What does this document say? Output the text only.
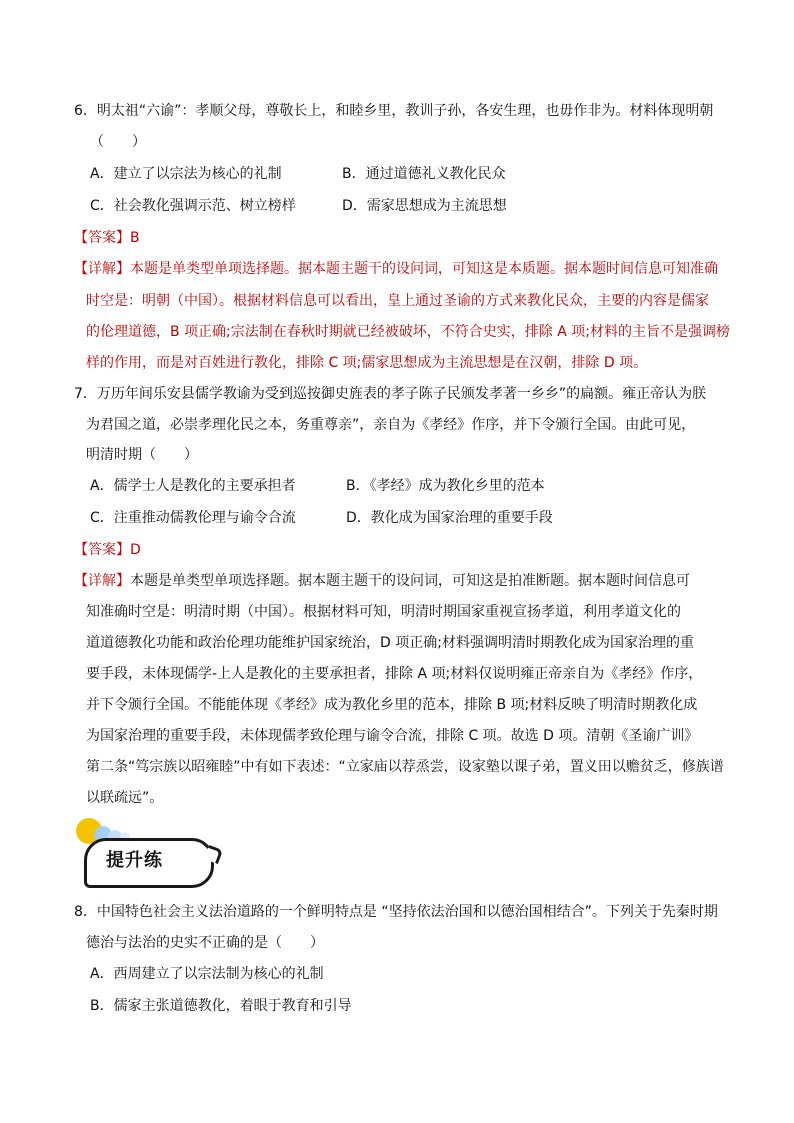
6．明太祖“六谕”：孝顺父母，尊敬长上，和睦乡里，教训子孙，各安生理，也毋作非为。材料体现明朝
（　　）
A．建立了以宗法为核心的礼制	B．通过道德礼义教化民众
C．社会教化强调示范、树立榜样	D．需家思想成为主流思想
【答案】B
【详解】本题是单类型单项选择题。据本题主题干的设问词，可知这是本质题。据本题时间信息可知准确
时空是：明朝（中国）。根据材料信息可以看出，皇上通过圣谕的方式来教化民众，主要的内容是儒家
的伦理道德，B 项正确;宗法制在春秋时期就已经被破坏，不符合史实，排除 A 项;材料的主旨不是强调榜
样的作用，而是对百姓进行教化，排除 C 项;儒家思想成为主流思想是在汉朝，排除 D 项。
7．万历年间乐安县儒学教谕为受到巡按御史旌表的孝子陈子民颁发孝著一乡乡”的扁额。雍正帝认为朕
为君国之道，必崇孝理化民之本，务重尊亲”，亲自为《孝经》作序，并下令颁行全国。由此可见，
明清时期（　　）
A．儒学士人是教化的主要承担者	B．《孝经》成为教化乡里的范本
C．注重推动儒教伦理与谕令合流	D．教化成为国家治理的重要手段
【答案】D
【详解】本题是单类型单项选择题。据本题主题干的设问词，可知这是拍准断题。据本题时间信息可
知准确时空是：明清时期（中国）。根据材料可知，明清时期国家重视宣扬孝道，利用孝道文化的
道道德教化功能和政治伦理功能维护国家统治，D 项正确;材料强调明清时期教化成为国家治理的重
要手段，未体现儒学-上人是教化的主要承担者，排除 A 项;材料仅说明雍正帝亲自为《孝经》作序，
并下令颁行全国。不能能体现《孝经》成为教化乡里的范本，排除 B 项;材料反映了明清时期教化成
为国家治理的重要手段，未体现儒孝致伦理与谕令合流，排除 C 项。故选 D 项。清朝《圣谕广训》
第二条“笃宗族以昭雍睦”中有如下表述：“立家庙以荐烝尝，设家塾以课子弟，置义田以赡贫乏，修族谱
以联疏远”。
提升练
8．中国特色社会主义法治道路的一个鲜明特点是 “坚持依法治国和以德治国相结合”。下列关于先秦时期
德治与法治的史实不正确的是（　　）
A．西周建立了以宗法制为核心的礼制
B．儒家主张道德教化，着眼于教育和引导
